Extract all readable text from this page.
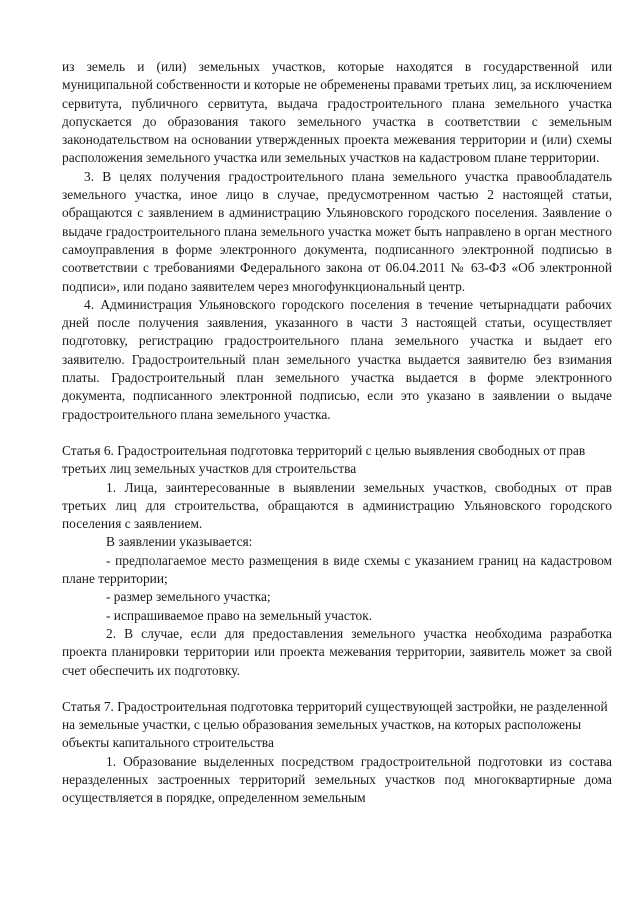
из земель и (или) земельных участков, которые находятся в государственной или муниципальной собственности и которые не обременены правами третьих лиц, за исключением сервитута, публичного сервитута, выдача градостроительного плана земельного участка допускается до образования такого земельного участка в соответствии с земельным законодательством на основании утвержденных проекта межевания территории и (или) схемы расположения земельного участка или земельных участков на кадастровом плане территории.

3. В целях получения градостроительного плана земельного участка правообладатель земельного участка, иное лицо в случае, предусмотренном частью 2 настоящей статьи, обращаются с заявлением в администрацию Ульяновского городского поселения. Заявление о выдаче градостроительного плана земельного участка может быть направлено в орган местного самоуправления в форме электронного документа, подписанного электронной подписью в соответствии с требованиями Федерального закона от 06.04.2011 № 63-ФЗ «Об электронной подписи», или подано заявителем через многофункциональный центр.

4. Администрация Ульяновского городского поселения в течение четырнадцати рабочих дней после получения заявления, указанного в части 3 настоящей статьи, осуществляет подготовку, регистрацию градостроительного плана земельного участка и выдает его заявителю. Градостроительный план земельного участка выдается заявителю без взимания платы. Градостроительный план земельного участка выдается в форме электронного документа, подписанного электронной подписью, если это указано в заявлении о выдаче градостроительного плана земельного участка.

Статья 6. Градостроительная подготовка территорий с целью выявления свободных от прав третьих лиц земельных участков для строительства

1. Лица, заинтересованные в выявлении земельных участков, свободных от прав третьих лиц для строительства, обращаются в администрацию Ульяновского городского поселения с заявлением.

В заявлении указывается:

- предполагаемое место размещения в виде схемы с указанием границ на кадастровом плане территории;

- размер земельного участка;

- испрашиваемое право на земельный участок.

2. В случае, если для предоставления земельного участка необходима разработка проекта планировки территории или проекта межевания территории, заявитель может за свой счет обеспечить их подготовку.

Статья 7. Градостроительная подготовка территорий существующей застройки, не разделенной на земельные участки, с целью образования земельных участков, на которых расположены объекты капитального строительства

1. Образование выделенных посредством градостроительной подготовки из состава неразделенных застроенных территорий земельных участков под многоквартирные дома осуществляется в порядке, определенном земельным
